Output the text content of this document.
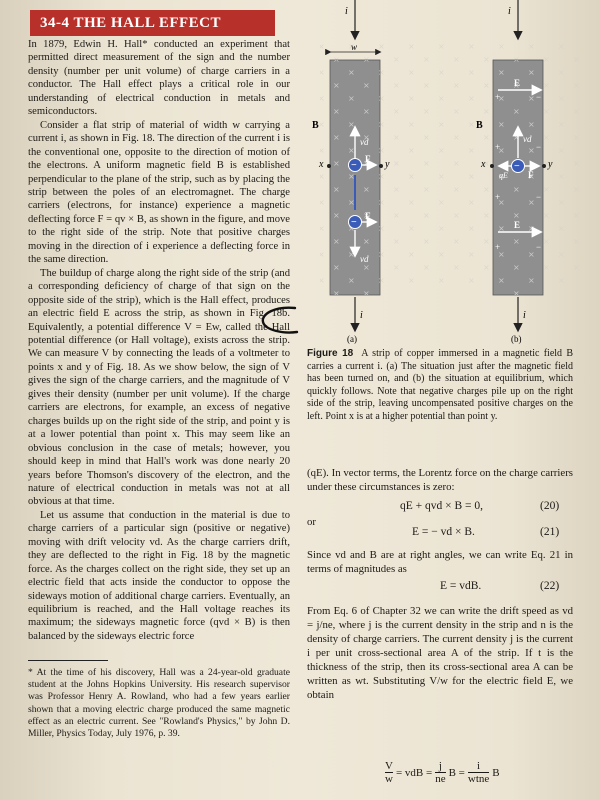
34-4 THE HALL EFFECT

In 1879, Edwin H. Hall* conducted an experiment that permitted direct measurement of the sign and the number density (number per unit volume) of charge carriers in a conductor. The Hall effect plays a critical role in our understanding of electrical conduction in metals and semiconductors.

Consider a flat strip of material of width w carrying a current i, as shown in Fig. 18. The direction of the current i is the conventional one, opposite to the direction of motion of the electrons. A uniform magnetic field B is established perpendicular to the plane of the strip, such as by placing the strip between the poles of an electromagnet. The charge carriers (electrons, for instance) experience a magnetic deflecting force F = qv × B, as shown in the figure, and move to the right side of the strip. Note that positive charges moving in the direction of i experience a deflecting force in the same direction.

The buildup of charge along the right side of the strip (and a corresponding deficiency of charge of that sign on the opposite side of the strip), which is the Hall effect, produces an electric field E across the strip, as shown in Fig. 18b. Equivalently, a potential difference V = Ew, called the Hall potential difference (or Hall voltage), exists across the strip. We can measure V by connecting the leads of a voltmeter to points x and y of Fig. 18. As we show below, the sign of V gives the sign of the charge carriers, and the magnitude of V gives their density (number per unit volume). If the charge carriers are electrons, for example, an excess of negative charges builds up on the right side of the strip, and point y is at a lower potential than point x. This may seem like an obvious conclusion in the case of metals; however, you should keep in mind that Hall's work was done nearly 20 years before Thomson's discovery of the electron, and the nature of electrical conduction in metals was not at all obvious at that time.

Let us assume that conduction in the material is due to charge carriers of a particular sign (positive or negative) moving with drift velocity vd. As the charge carriers drift, they are deflected to the right in Fig. 18 by the magnetic force. As the charges collect on the right side, they set up an electric field that acts inside the conductor to oppose the sideways motion of additional charge carriers. Eventually, an equilibrium is reached, and the Hall voltage reaches its maximum; the sideways magnetic force (qvd × B) is then balanced by the sideways electric force

* At the time of his discovery, Hall was a 24-year-old graduate student at the Johns Hopkins University. His research supervisor was Professor Henry A. Rowland, who had a few years earlier shown that a moving electric charge produced the same magnetic effect as an electric current. See "Rowland's Physics," by John D. Miller, Physics Today, July 1976, p. 39.
i
w
B
x	y
vd
−
F
−
F
vd
i
(a)
i
+
+
+
+
−
−
−
−
B
E
E
vd
−
qE F
x	y
i
(b)
Figure 18 A strip of copper immersed in a magnetic field B carries a current i. (a) The situation just after the magnetic field has been turned on, and (b) the situation at equilibrium, which quickly follows. Note that negative charges pile up on the right side of the strip, leaving uncompensated positive charges on the left. Point x is at a higher potential than point y.

(qE). In vector terms, the Lorentz force on the charge carriers under these circumstances is zero:

qE + qvd × B = 0,	(20)
or
E = − vd × B.	(21)

Since vd and B are at right angles, we can write Eq. 21 in terms of magnitudes as

E = vdB.	(22)

From Eq. 6 of Chapter 32 we can write the drift speed as vd = j/ne, where j is the current density in the strip and n is the density of charge carriers. The current density j is the current i per unit cross-sectional area A of the strip. If t is the thickness of the strip, then its cross-sectional area A can be written as wt. Substituting V/w for the electric field E, we obtain

$\frac{V}{w}$ = vdB = $\frac{j}{ne}$ $B = \frac{i}{\text{wtne}}$ B
